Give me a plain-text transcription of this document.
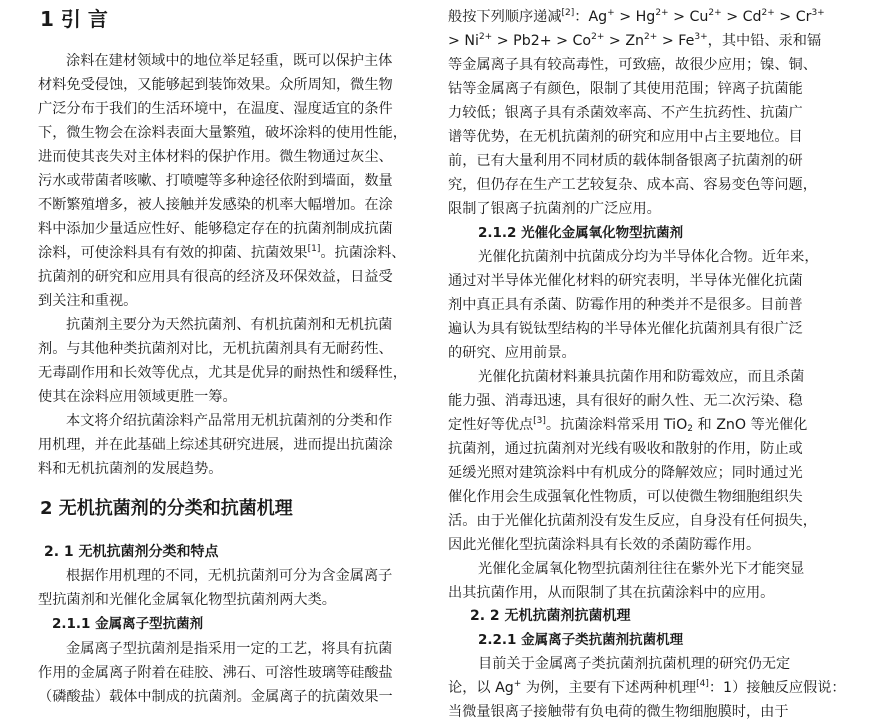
1 引 言

涂料在建材领域中的地位举足轻重，既可以保护主体

材料免受侵蚀，又能够起到装饰效果。众所周知，微生物

广泛分布于我们的生活环境中，在温度、湿度适宜的条件

下，微生物会在涂料表面大量繁殖，破坏涂料的使用性能，

进而使其丧失对主体材料的保护作用。微生物通过灰尘、

污水或带菌者咳嗽、打喷嚏等多种途径依附到墙面，数量

不断繁殖增多，被人接触并发感染的机率大幅增加。在涂

料中添加少量适应性好、能够稳定存在的抗菌剂制成抗菌

涂料，可使涂料具有有效的抑菌、抗菌效果[1]。抗菌涂料、

抗菌剂的研究和应用具有很高的经济及环保效益，日益受

到关注和重视。

抗菌剂主要分为天然抗菌剂、有机抗菌剂和无机抗菌

剂。与其他种类抗菌剂对比，无机抗菌剂具有无耐药性、

无毒副作用和长效等优点，尤其是优异的耐热性和缓释性，

使其在涂料应用领域更胜一筹。

本文将介绍抗菌涂料产品常用无机抗菌剂的分类和作

用机理，并在此基础上综述其研究进展，进而提出抗菌涂

料和无机抗菌剂的发展趋势。

2 无机抗菌剂的分类和抗菌机理
2. 1 无机抗菌剂分类和特点

根据作用机理的不同，无机抗菌剂可分为含金属离子

型抗菌剂和光催化金属氧化物型抗菌剂两大类。

2.1.1 金属离子型抗菌剂

金属离子型抗菌剂是指采用一定的工艺，将具有抗菌

作用的金属离子附着在硅胶、沸石、可溶性玻璃等硅酸盐

（磷酸盐）载体中制成的抗菌剂。金属离子的抗菌效果一

般按下列顺序递减[2]：$Ag^+ > Hg^{2+} > Cu^{2+} > Cd^{2+} > Cr^{3+}$

> $Ni^{2+} > Pb2+ > Co^{2+} > Zn^{2+} > Fe^{3+}$，其中铅、汞和镉

等金属离子具有较高毒性，可致癌，故很少应用；镍、铜、

钴等金属离子有颜色，限制了其使用范围；锌离子抗菌能

力较低；银离子具有杀菌效率高、不产生抗药性、抗菌广

谱等优势，在无机抗菌剂的研究和应用中占主要地位。目

前，已有大量利用不同材质的载体制备银离子抗菌剂的研

究，但仍存在生产工艺较复杂、成本高、容易变色等问题，

限制了银离子抗菌剂的广泛应用。

2.1.2 光催化金属氧化物型抗菌剂

光催化抗菌剂中抗菌成分均为半导体化合物。近年来，

通过对半导体光催化材料的研究表明，半导体光催化抗菌

剂中真正具有杀菌、防霉作用的种类并不是很多。目前普

遍认为具有锐钛型结构的半导体光催化抗菌剂具有很广泛

的研究、应用前景。

光催化抗菌材料兼具抗菌作用和防霉效应，而且杀菌

能力强、消毒迅速，具有很好的耐久性、无二次污染、稳

定性好等优点[3]。抗菌涂料常采用 TiO$_2$ 和 ZnO 等光催化

抗菌剂，通过抗菌剂对光线有吸收和散射的作用，防止或

延缓光照对建筑涂料中有机成分的降解效应；同时通过光

催化作用会生成强氧化性物质，可以使微生物细胞组织失

活。由于光催化抗菌剂没有发生反应，自身没有任何损失，

因此光催化型抗菌涂料具有长效的杀菌防霉作用。

光催化金属氧化物型抗菌剂往往在紫外光下才能突显

出其抗菌作用，从而限制了其在抗菌涂料中的应用。

2. 2 无机抗菌剂抗菌机理
2.2.1 金属离子类抗菌剂抗菌机理

目前关于金属离子类抗菌剂抗菌机理的研究仍无定

论，以 Ag+ 为例，主要有下述两种机理[4]：1）接触反应假说：

当微量银离子接触带有负电荷的微生物细胞膜时，由于
